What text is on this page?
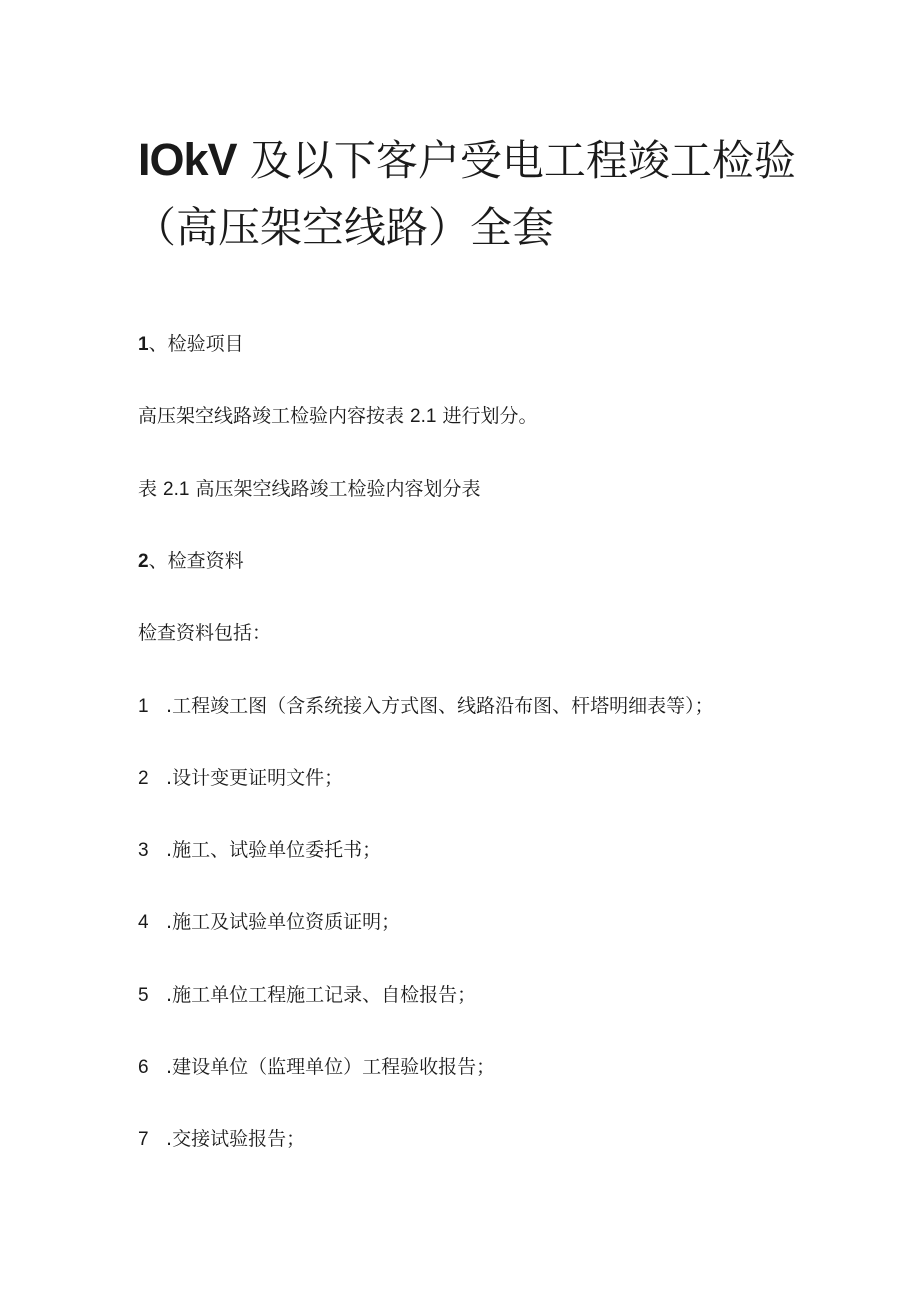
IOkV 及以下客户受电工程竣工检验
（高压架空线路）全套
1、检验项目
高压架空线路竣工检验内容按表 2.1 进行划分。
表 2.1 高压架空线路竣工检验内容划分表
2、检查资料
检查资料包括：
1 .工程竣工图（含系统接入方式图、线路沿布图、杆塔明细表等）；
2 .设计变更证明文件；
3 .施工、试验单位委托书；
4 .施工及试验单位资质证明；
5 .施工单位工程施工记录、自检报告；
6 .建设单位（监理单位）工程验收报告；
7 .交接试验报告；
